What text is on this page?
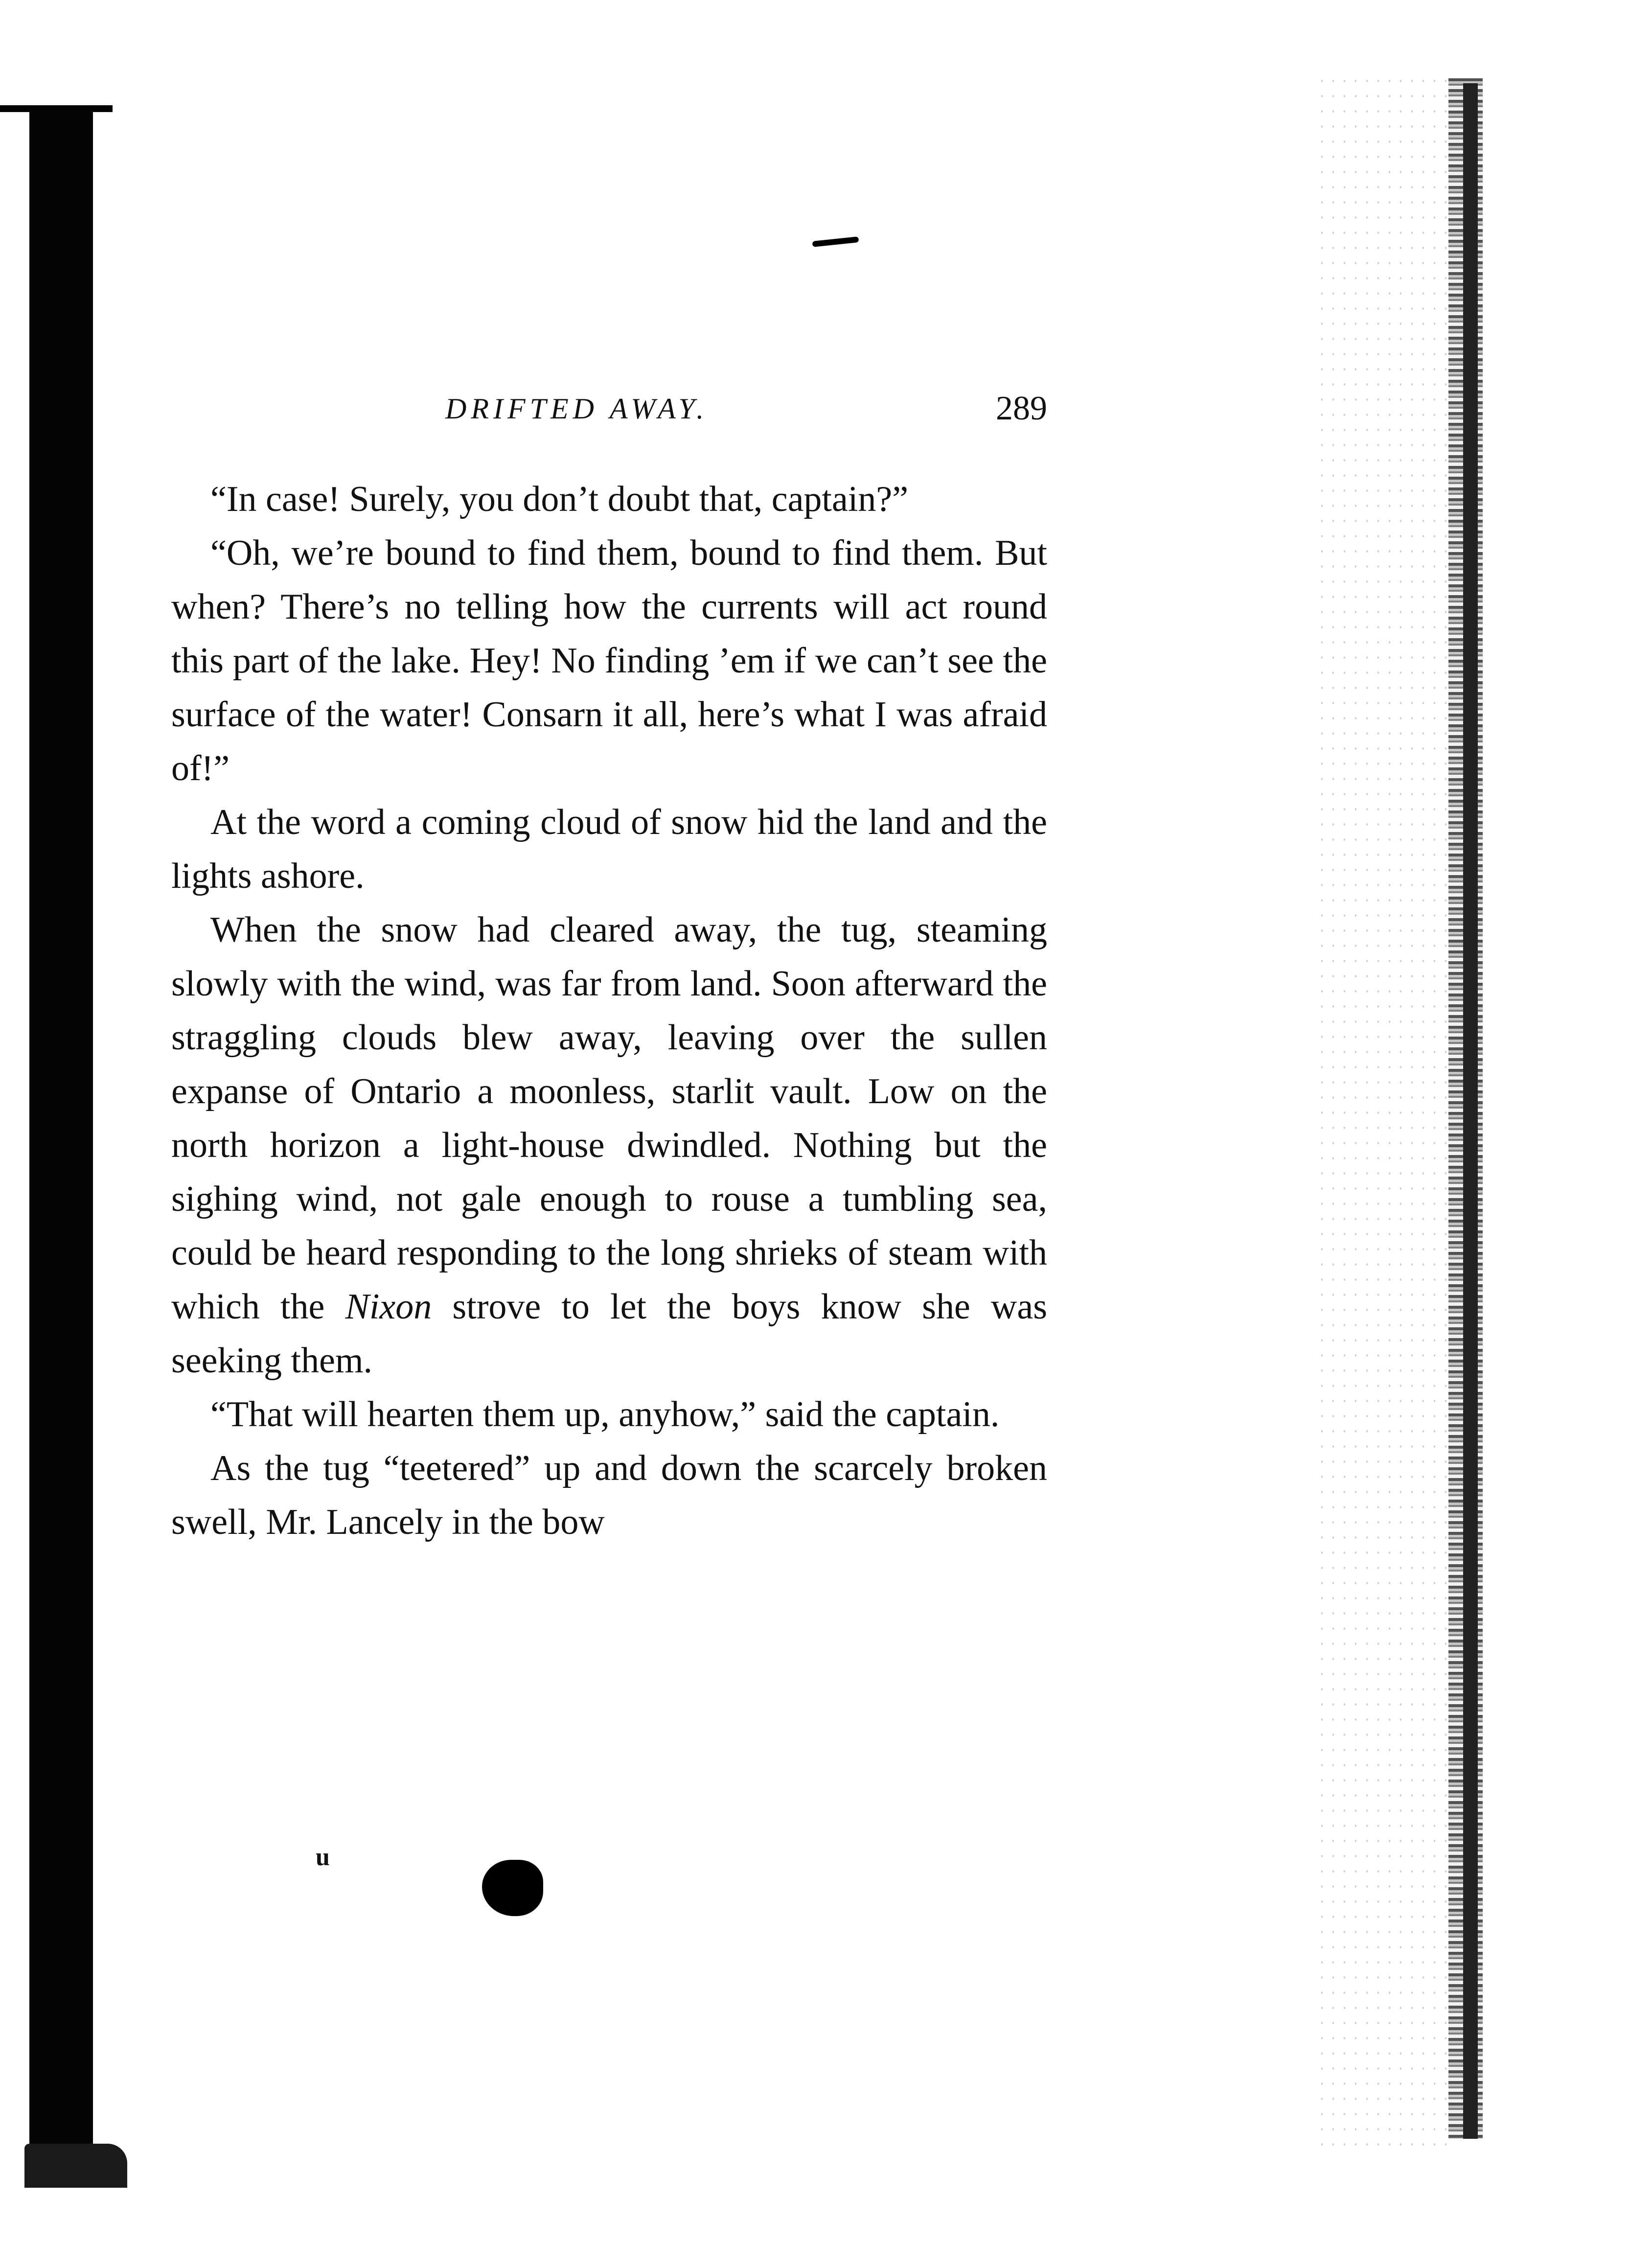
DRIFTED AWAY.	289

“In case! Surely, you don’t doubt that, captain?”

“Oh, we’re bound to find them, bound to find them. But when? There’s no telling how the currents will act round this part of the lake. Hey! No finding ’em if we can’t see the surface of the water! Consarn it all, here’s what I was afraid of!”

At the word a coming cloud of snow hid the land and the lights ashore.

When the snow had cleared away, the tug, steaming slowly with the wind, was far from land. Soon afterward the straggling clouds blew away, leaving over the sullen expanse of Ontario a moonless, starlit vault. Low on the north horizon a light-house dwindled. Nothing but the sighing wind, not gale enough to rouse a tumbling sea, could be heard responding to the long shrieks of steam with which the Nixon strove to let the boys know she was seeking them.

“That will hearten them up, anyhow,” said the captain.

As the tug “teetered” up and down the scarcely broken swell, Mr. Lancely in the bow

u
